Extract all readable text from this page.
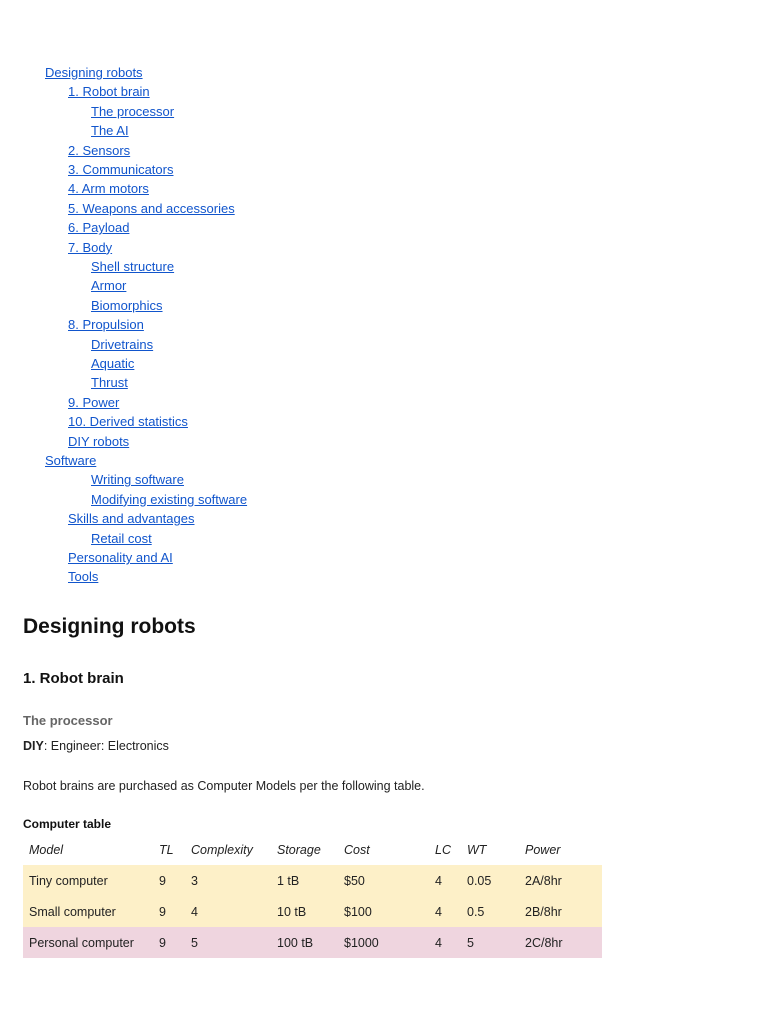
Designing robots
1. Robot brain
The processor
The AI
2. Sensors
3. Communicators
4. Arm motors
5. Weapons and accessories
6. Payload
7. Body
Shell structure
Armor
Biomorphics
8. Propulsion
Drivetrains
Aquatic
Thrust
9. Power
10. Derived statistics
DIY robots
Software
Writing software
Modifying existing software
Skills and advantages
Retail cost
Personality and AI
Tools
Designing robots
1. Robot brain
The processor
DIY: Engineer: Electronics
Robot brains are purchased as Computer Models per the following table.
Computer table
Model	TL	Complexity	Storage	Cost	LC	WT	Power
Tiny computer	9	3	1 tB	$50	4	0.05	2A/8hr
Small computer	9	4	10 tB	$100	4	0.5	2B/8hr
Personal computer	9	5	100 tB	$1000	4	5	2C/8hr
